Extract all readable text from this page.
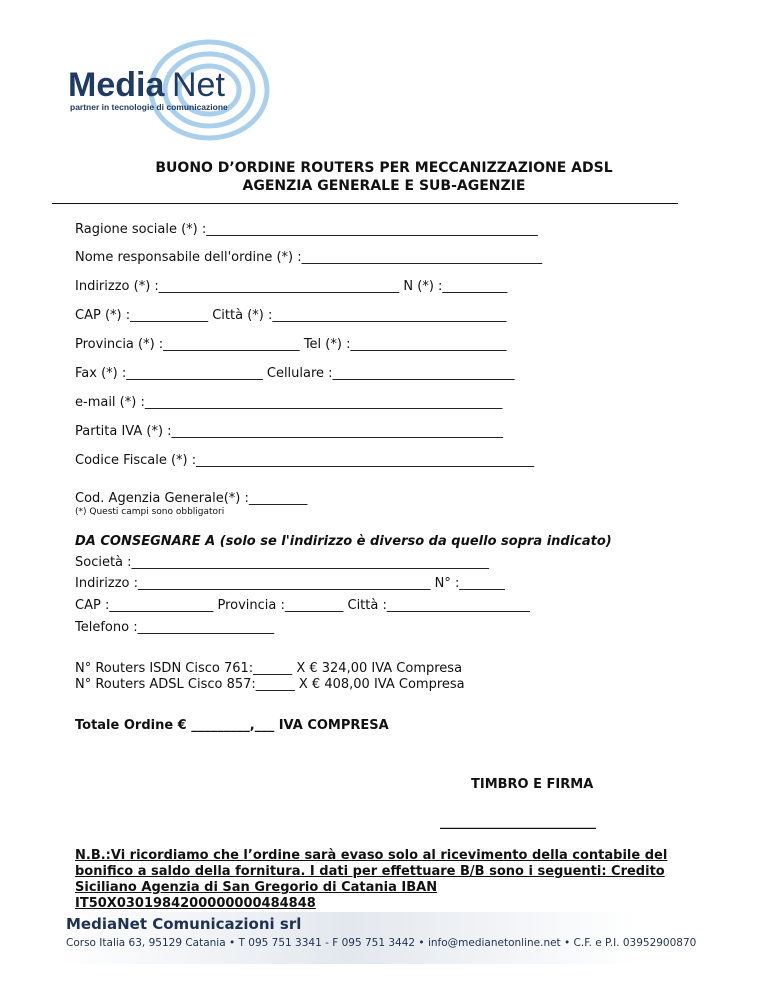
Media Net
partner in tecnologie di comunicazione
BUONO D’ORDINE ROUTERS PER MECCANIZZAZIONE ADSL
AGENZIA GENERALE E SUB-AGENZIE
Ragione sociale (*) :___________________________________________________
Nome responsabile dell'ordine (*) :_____________________________________
Indirizzo (*) :_____________________________________ N (*) :__________
CAP (*) :____________ Città (*) :____________________________________
Provincia (*) :_____________________ Tel (*) :________________________
Fax (*) :_____________________ Cellulare :____________________________
e-mail (*) :_______________________________________________________
Partita IVA (*) :___________________________________________________
Codice Fiscale (*) :____________________________________________________
Cod. Agenzia Generale(*) :_________
(*) Questi campi sono obbligatori
DA CONSEGNARE A (solo se l'indirizzo è diverso da quello sopra indicato)
Società :_______________________________________________________
Indirizzo :_____________________________________________ N° :_______
CAP :________________ Provincia :_________ Città :______________________
Telefono :_____________________
N° Routers ISDN Cisco 761:______ X € 324,00 IVA Compresa
N° Routers ADSL Cisco 857:______ X € 408,00 IVA Compresa
Totale Ordine € _________,___ IVA COMPRESA
TIMBRO E FIRMA
________________________
N.B.:Vi ricordiamo che l’ordine sarà evaso solo al ricevimento della contabile del bonifico a saldo della fornitura. I dati per effettuare B/B sono i seguenti: Credito Siciliano Agenzia di San Gregorio di Catania IBAN IT50X0301984200000000484848
MediaNet Comunicazioni srl
Corso Italia 63, 95129 Catania • T 095 751 3341 - F 095 751 3442 • info@medianetonline.net • C.F. e P.I. 03952900870
